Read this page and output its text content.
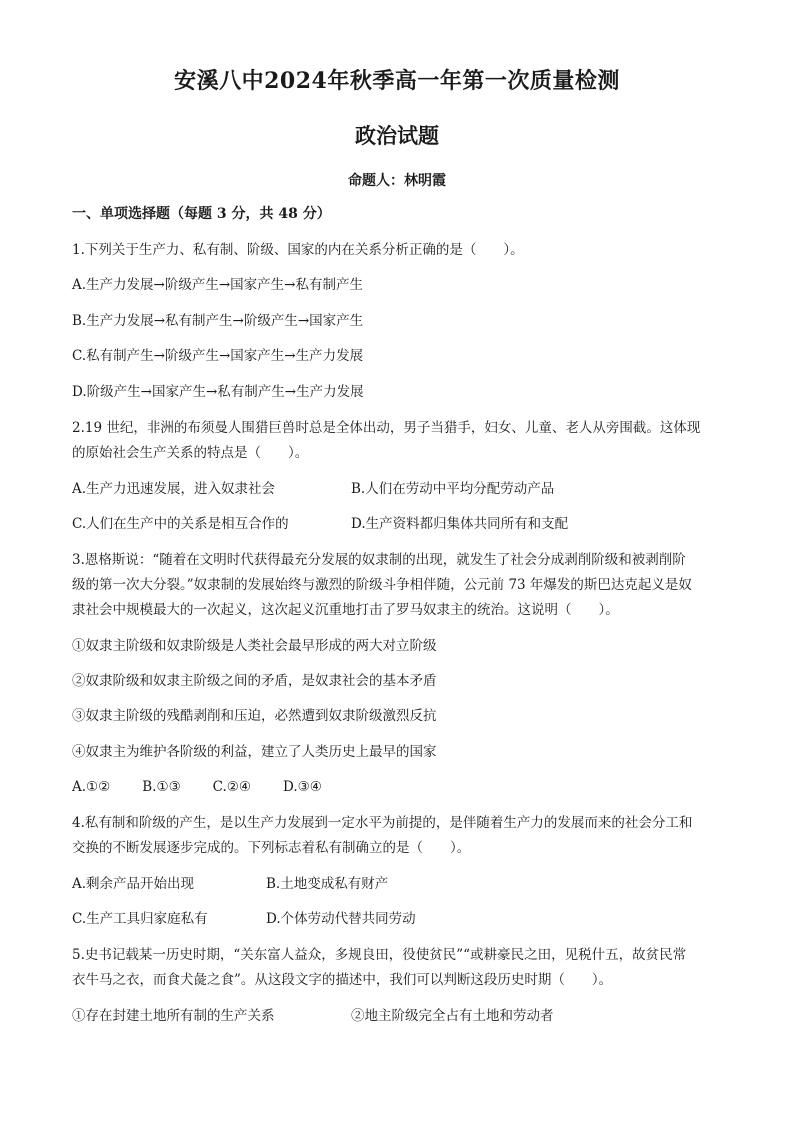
安溪八中2024年秋季高一年第一次质量检测
政治试题
命题人：林明霞
一、单项选择题（每题 3 分，共 48 分）
1.下列关于生产力、私有制、阶级、国家的内在关系分析正确的是（　　）。
A.生产力发展→阶级产生→国家产生→私有制产生
B.生产力发展→私有制产生→阶级产生→国家产生
C.私有制产生→阶级产生→国家产生→生产力发展
D.阶级产生→国家产生→私有制产生→生产力发展
2.19 世纪，非洲的布须曼人围猎巨兽时总是全体出动，男子当猎手，妇女、儿童、老人从旁围截。这体现
的原始社会生产关系的特点是（　　）。
A.生产力迅速发展，进入奴隶社会	B.人们在劳动中平均分配劳动产品
C.人们在生产中的关系是相互合作的	D.生产资料都归集体共同所有和支配
3.恩格斯说：“随着在文明时代获得最充分发展的奴隶制的出现，就发生了社会分成剥削阶级和被剥削阶
级的第一次大分裂。”奴隶制的发展始终与激烈的阶级斗争相伴随，公元前 73 年爆发的斯巴达克起义是奴
隶社会中规模最大的一次起义，这次起义沉重地打击了罗马奴隶主的统治。这说明（　　）。
①奴隶主阶级和奴隶阶级是人类社会最早形成的两大对立阶级
②奴隶阶级和奴隶主阶级之间的矛盾，是奴隶社会的基本矛盾
③奴隶主阶级的残酷剥削和压迫，必然遭到奴隶阶级激烈反抗
④奴隶主为维护各阶级的利益，建立了人类历史上最早的国家
A.①② B.①③ C.②④ D.③④
4.私有制和阶级的产生，是以生产力发展到一定水平为前提的，是伴随着生产力的发展而来的社会分工和
交换的不断发展逐步完成的。下列标志着私有制确立的是（　　）。
A.剩余产品开始出现	B.土地变成私有财产
C.生产工具归家庭私有	D.个体劳动代替共同劳动
5.史书记载某一历史时期，“关东富人益众，多规良田，役使贫民”“或耕豪民之田，见税什五，故贫民常
衣牛马之衣，而食犬彘之食”。从这段文字的描述中，我们可以判断这段历史时期（　　）。
①存在封建土地所有制的生产关系	②地主阶级完全占有土地和劳动者
